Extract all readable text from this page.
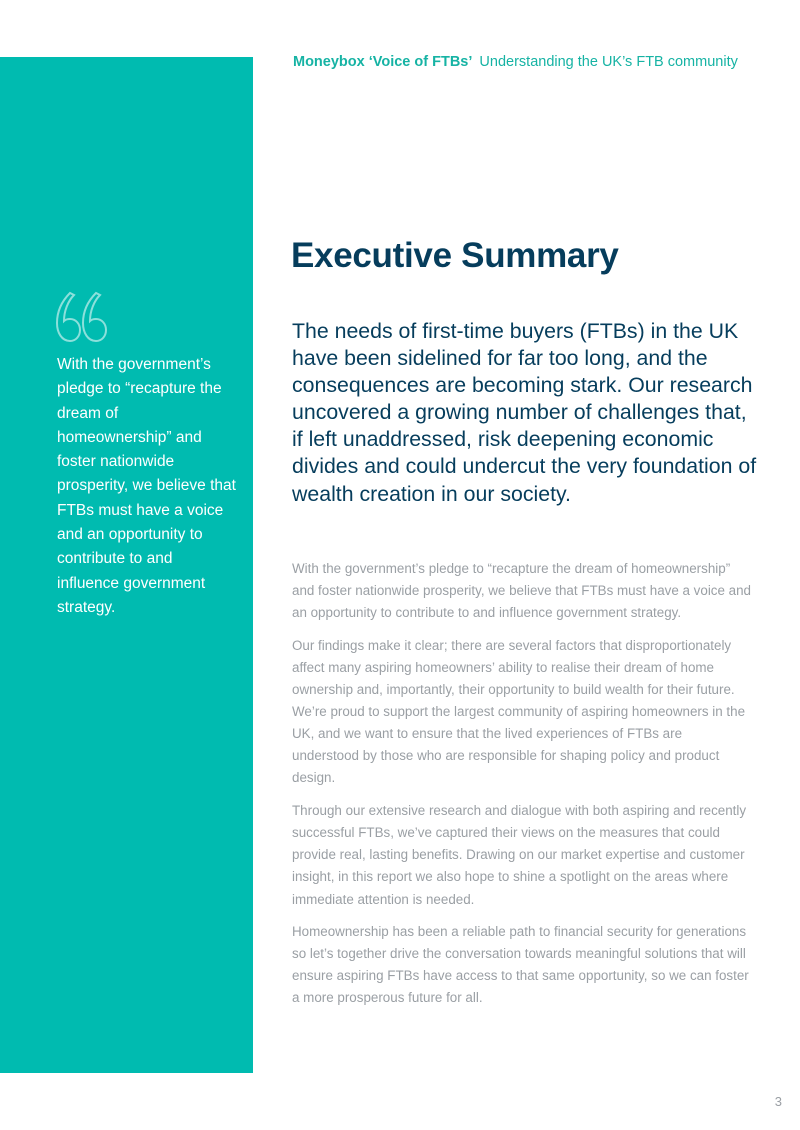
Moneybox ‘Voice of FTBs’ Understanding the UK’s FTB community
With the government’s pledge to “recapture the dream of homeownership” and foster nationwide prosperity, we believe that FTBs must have a voice and an opportunity to contribute to and influence government strategy.
Executive Summary
The needs of first-time buyers (FTBs) in the UK have been sidelined for far too long, and the consequences are becoming stark. Our research uncovered a growing number of challenges that, if left unaddressed, risk deepening economic divides and could undercut the very foundation of wealth creation in our society.

With the government’s pledge to “recapture the dream of homeownership” and foster nationwide prosperity, we believe that FTBs must have a voice and an opportunity to contribute to and influence government strategy.

Our findings make it clear; there are several factors that disproportionately affect many aspiring homeowners’ ability to realise their dream of home ownership and, importantly, their opportunity to build wealth for their future. We’re proud to support the largest community of aspiring homeowners in the UK, and we want to ensure that the lived experiences of FTBs are understood by those who are responsible for shaping policy and product design.

Through our extensive research and dialogue with both aspiring and recently successful FTBs, we’ve captured their views on the measures that could provide real, lasting benefits. Drawing on our market expertise and customer insight, in this report we also hope to shine a spotlight on the areas where immediate attention is needed.

Homeownership has been a reliable path to financial security for generations so let’s together drive the conversation towards meaningful solutions that will ensure aspiring FTBs have access to that same opportunity, so we can foster a more prosperous future for all.

3
